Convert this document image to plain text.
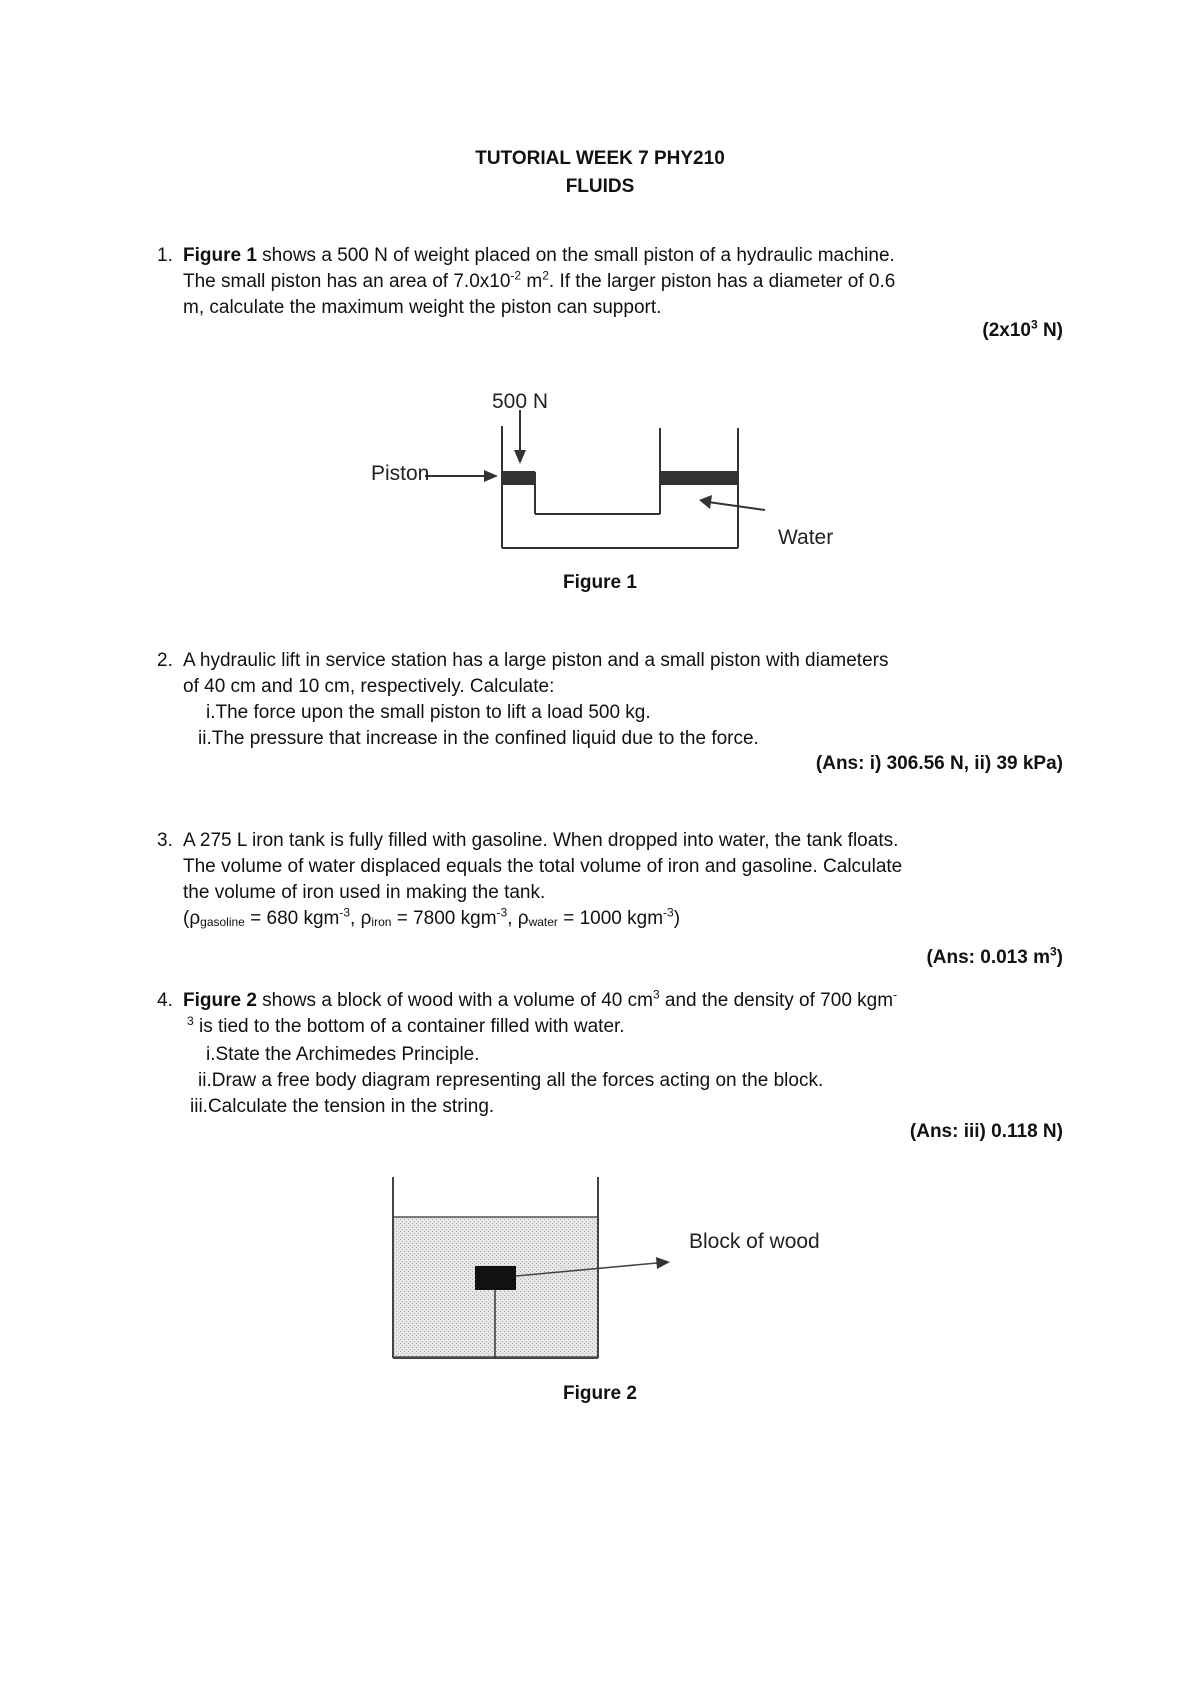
TUTORIAL WEEK 7 PHY210
FLUIDS
1. Figure 1 shows a 500 N of weight placed on the small piston of a hydraulic machine.
The small piston has an area of $7.0x10^{-2}$ $m^2$. If the larger piston has a diameter of 0.6
m, calculate the maximum weight the piston can support.
($2x10^3$ N)
500 N
Piston
Water
Figure 1
2. A hydraulic lift in service station has a large piston and a small piston with diameters
of 40 cm and 10 cm, respectively. Calculate:
i.The force upon the small piston to lift a load 500 kg.
ii.The pressure that increase in the confined liquid due to the force.
(Ans: i) 306.56 N, ii) 39 kPa)
3. A 275 L iron tank is fully filled with gasoline. When dropped into water, the tank floats.
The volume of water displaced equals the total volume of iron and gasoline. Calculate
the volume of iron used in making the tank.
($\rho_{gasoline} = 680$ kgm$^{-3}$, $\rho_{iron} = 7800$ kgm$^{-3}$, $\rho_{water} = 1000$ kgm$^{-3}$)
(Ans: 0.013 $m^3$)
4. Figure 2 shows a block of wood with a volume of 40 $cm^3$ and the density of 700 kgm-
$^3$ is tied to the bottom of a container filled with water.
i.State the Archimedes Principle.
ii.Draw a free body diagram representing all the forces acting on the block.
iii.Calculate the tension in the string.
(Ans: iii) 0.118 N)
Block of wood
Figure 2
